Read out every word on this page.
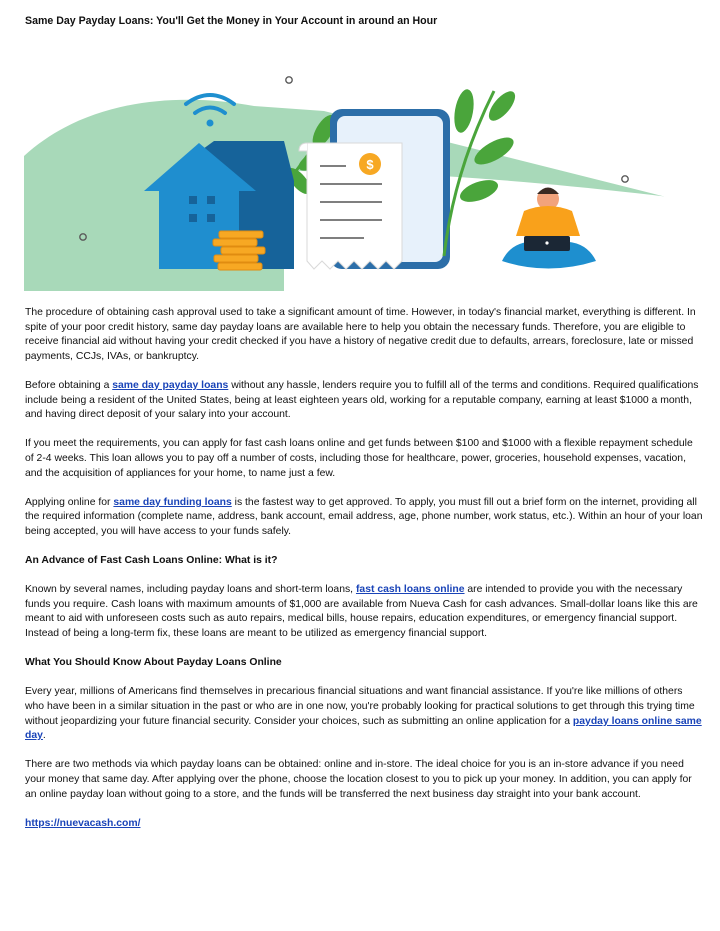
Same Day Payday Loans: You'll Get the Money in Your Account in around an Hour
$

The procedure of obtaining cash approval used to take a significant amount of time. However, in today's financial market, everything is different. In spite of your poor credit history, same day payday loans are available here to help you obtain the necessary funds. Therefore, you are eligible to receive financial aid without having your credit checked if you have a history of negative credit due to defaults, arrears, foreclosure, late or missed payments, CCJs, IVAs, or bankruptcy.

Before obtaining a same day payday loans without any hassle, lenders require you to fulfill all of the terms and conditions. Required qualifications include being a resident of the United States, being at least eighteen years old, working for a reputable company, earning at least $1000 a month, and having direct deposit of your salary into your account.

If you meet the requirements, you can apply for fast cash loans online and get funds between $100 and $1000 with a flexible repayment schedule of 2-4 weeks. This loan allows you to pay off a number of costs, including those for healthcare, power, groceries, household expenses, vacation, and the acquisition of appliances for your home, to name just a few.

Applying online for same day funding loans is the fastest way to get approved. To apply, you must fill out a brief form on the internet, providing all the required information (complete name, address, bank account, email address, age, phone number, work status, etc.). Within an hour of your loan being accepted, you will have access to your funds safely.

An Advance of Fast Cash Loans Online: What is it?

Known by several names, including payday loans and short-term loans, fast cash loans online are intended to provide you with the necessary funds you require. Cash loans with maximum amounts of $1,000 are available from Nueva Cash for cash advances. Small-dollar loans like this are meant to aid with unforeseen costs such as auto repairs, medical bills, house repairs, education expenditures, or emergency financial support. Instead of being a long-term fix, these loans are meant to be utilized as emergency financial support.

What You Should Know About Payday Loans Online

Every year, millions of Americans find themselves in precarious financial situations and want financial assistance. If you're like millions of others who have been in a similar situation in the past or who are in one now, you're probably looking for practical solutions to get through this trying time without jeopardizing your future financial security. Consider your choices, such as submitting an online application for a payday loans online same day.

There are two methods via which payday loans can be obtained: online and in-store. The ideal choice for you is an in-store advance if you need your money that same day. After applying over the phone, choose the location closest to you to pick up your money. In addition, you can apply for an online payday loan without going to a store, and the funds will be transferred the next business day straight into your bank account.

https://nuevacash.com/
